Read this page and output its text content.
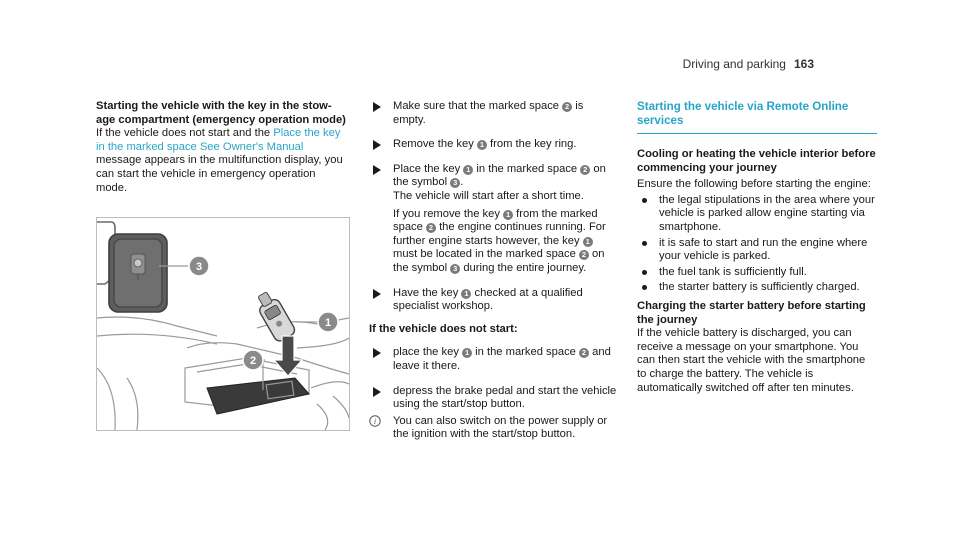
Driving and parking 163
Starting the vehicle with the key in the stow-age compartment (emergency operation mode)

If the vehicle does not start and the Place the key in the marked space See Owner's Manual message appears in the multifunction display, you can start the vehicle in emergency operation mode.

3
1
2
Make sure that the marked space 2 is empty.
Remove the key 1 from the key ring.
Place the key 1 in the marked space 2 on the symbol 3 .
The vehicle will start after a short time.
If you remove the key 1 from the marked space 2 the engine continues running. For further engine starts however, the key 1 must be located in the marked space 2 on the symbol 3 during the entire journey.
Have the key 1 checked at a qualified specialist workshop.
If the vehicle does not start:
place the key 1 in the marked space 2 and leave it there.
depress the brake pedal and start the vehicle using the start/stop button.
i You can also switch on the power supply or the ignition with the start/stop button.
Starting the vehicle via Remote Online services
Cooling or heating the vehicle interior before commencing your journey
Ensure the following before starting the engine:
the legal stipulations in the area where your vehicle is parked allow engine starting via smartphone.
it is safe to start and run the engine where your vehicle is parked.
the fuel tank is sufficiently full.
the starter battery is sufficiently charged.
Charging the starter battery before starting the journey
If the vehicle battery is discharged, you can receive a message on your smartphone. You can then start the vehicle with the smartphone to charge the battery. The vehicle is automatically switched off after ten minutes.
